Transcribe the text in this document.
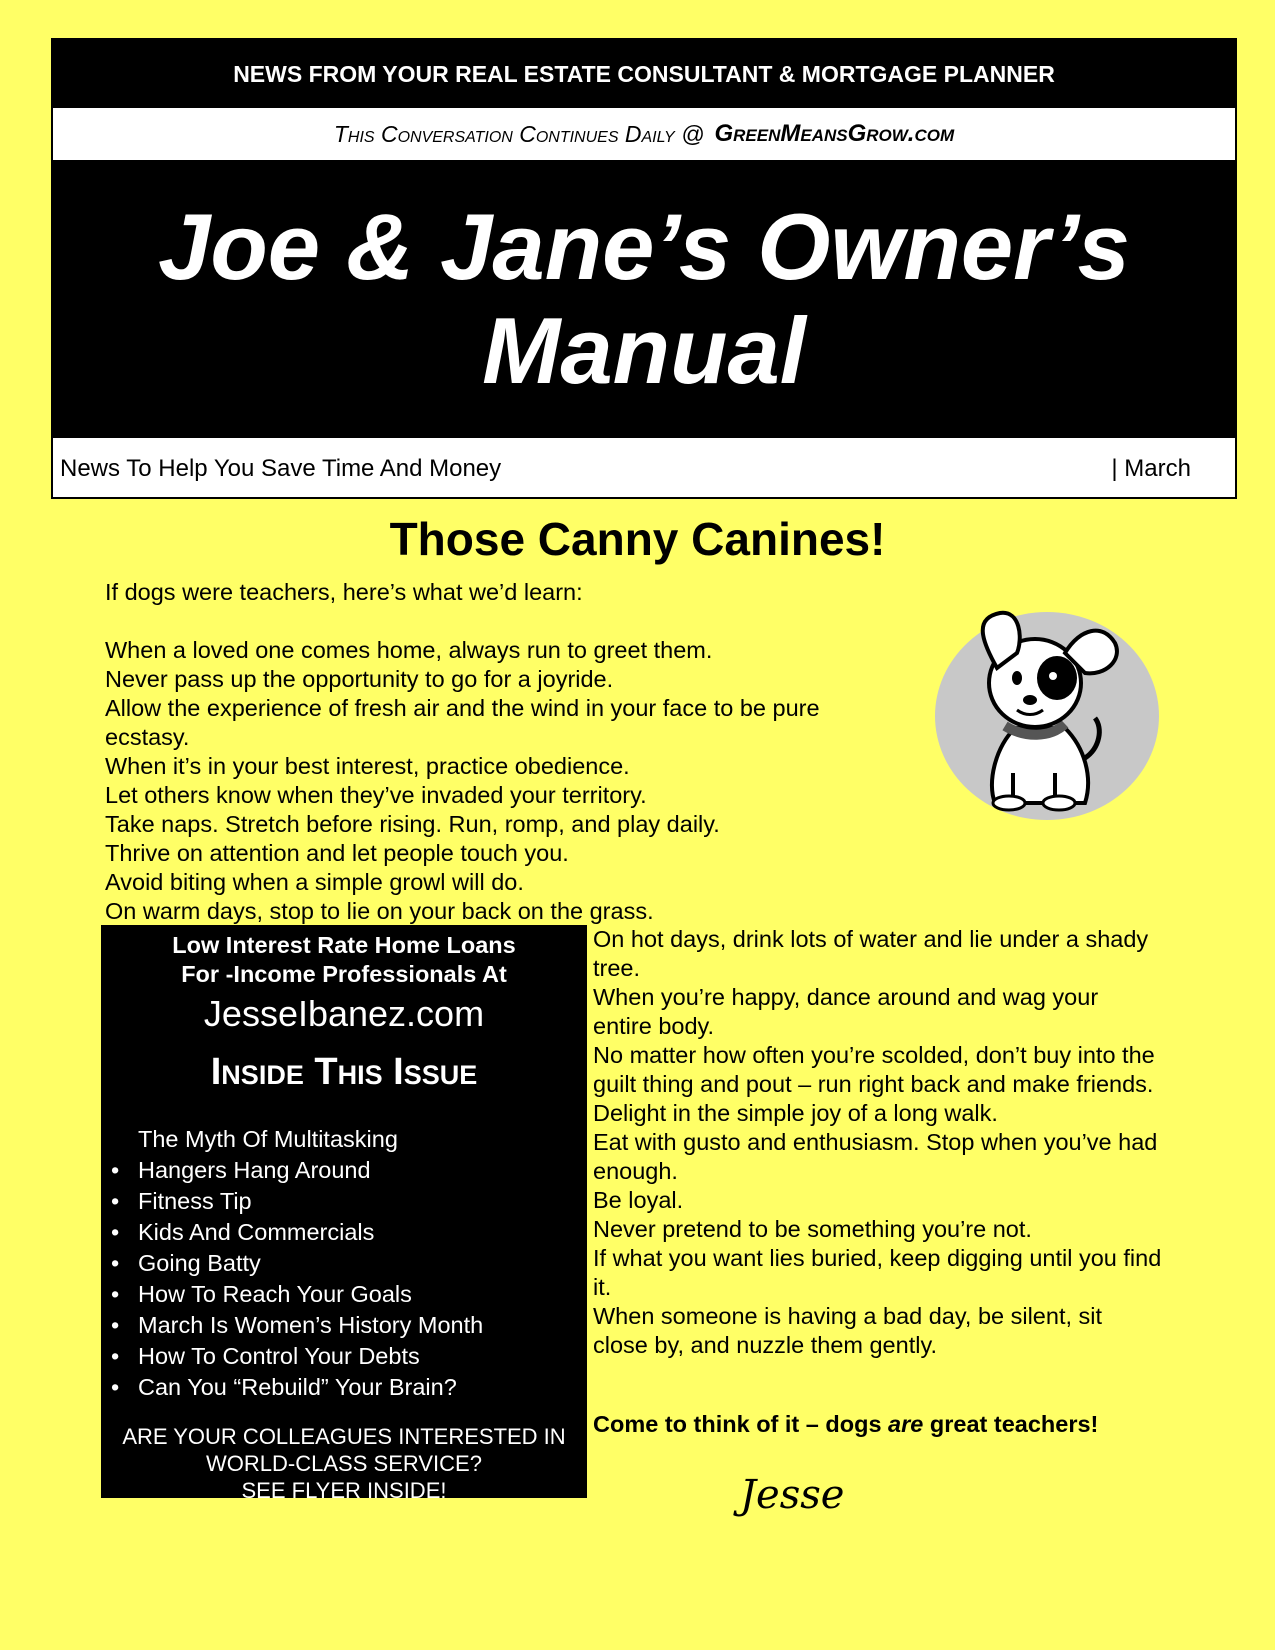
NEWS FROM YOUR REAL ESTATE CONSULTANT & MORTGAGE PLANNER
This Conversation Continues Daily @ GreenMeansGrow.com
Joe & Jane’s Owner’s Manual
News To Help You Save Time And Money	| March
Those Canny Canines!

If dogs were teachers, here’s what we’d learn:

When a loved one comes home, always run to greet them.
Never pass up the opportunity to go for a joyride.
Allow the experience of fresh air and the wind in your face to be pure ecstasy.
When it’s in your best interest, practice obedience.
Let others know when they’ve invaded your territory.
Take naps. Stretch before rising. Run, romp, and play daily.
Thrive on attention and let people touch you.
Avoid biting when a simple growl will do.
On warm days, stop to lie on your back on the grass.
On hot days, drink lots of water and lie under a shady tree.
When you’re happy, dance around and wag your entire body.
No matter how often you’re scolded, don’t buy into the guilt thing and pout – run right back and make friends.
Delight in the simple joy of a long walk.
Eat with gusto and enthusiasm. Stop when you’ve had enough.
Be loyal.
Never pretend to be something you’re not.
If what you want lies buried, keep digging until you find it.
When someone is having a bad day, be silent, sit close by, and nuzzle them gently.
Come to think of it – dogs are great teachers!
Jesse
Low Interest Rate Home Loans
For -Income Professionals At
JesseIbanez.com
Inside This Issue
The Myth Of Multitasking
• Hangers Hang Around
• Fitness Tip
• Kids And Commercials
• Going Batty
• How To Reach Your Goals
• March Is Women’s History Month
• How To Control Your Debts
• Can You “Rebuild” Your Brain?
ARE YOUR COLLEAGUES INTERESTED IN
WORLD-CLASS SERVICE?
SEE FLYER INSIDE!
